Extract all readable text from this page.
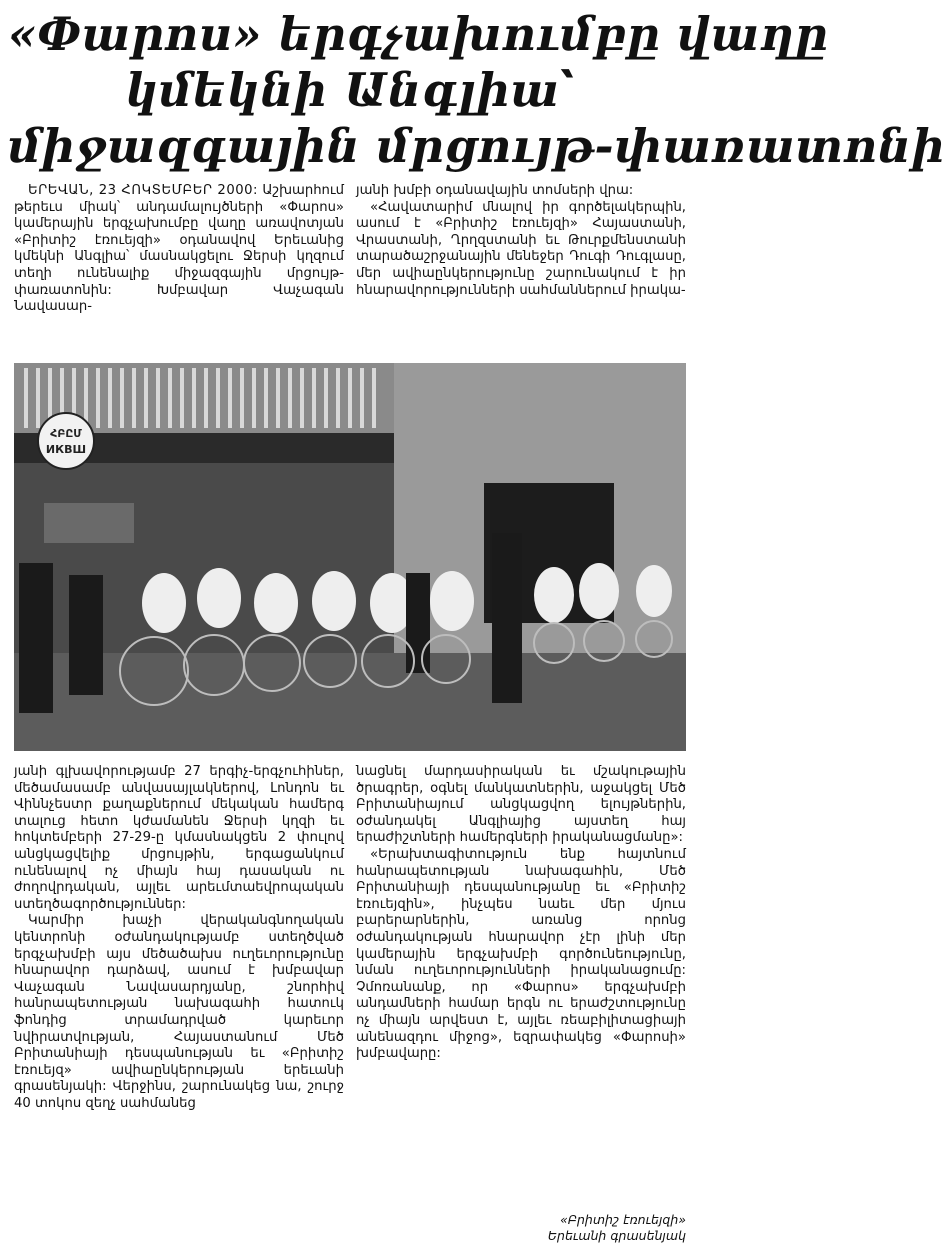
«Փարոս» երգչախումբը վաղը
կմեկնի Անգլիա՝
միջազգային մրցույթ-փառատոնի

ԵՐԵՎԱՆ, 23 ՀՈԿՏԵՄԲԵՐ 2000: Աշխարհում թերեւս միակ՝ անդամալույծների «Փարոս» կամերային երգչախումբը վաղը առավոտյան «Բրիտիշ էռուեյզի» օդանավով Երեւանից կմեկնի Անգլիա՝ մասնակցելու Ջերսի կղզում տեղի ունենալիք միջազգային մրցույթ-փառատոնին: Խմբավար Վաչագան Նավասար-

յանի խմբի օդանավային տոմսերի վրա:

«Հավատարիմ մնալով իր գործելակերպին, ասում է «Բրիտիշ էռուեյզի» Հայաստանի, Վրաստանի, Ղրղզստանի եւ Թուրքմենստանի տարածաշրջանային մենեջեր Դուգի Դուգլասը, մեր ավիաընկերությունը շարունակում է իր հնարավորությունների սահմաններում իրակա-

ՀԲԸՄ
ИКВШ

յանի գլխավորությամբ 27 երգիչ-երգչուհիներ, մեծամասամբ անվասայլակներով, Լոնդոն եւ Վիննչեստր քաղաքներում մեկական համերգ տալուց հետո կժամանեն Ջերսի կղզի եւ հոկտեմբերի 27-29-ը կմասնակցեն 2 փուլով անցկացվելիք մրցույթին, երգացանկում ունենալով ոչ միայն հայ դասական ու ժողովրդական, այլեւ արեւմտաեվրոպական ստեղծագործություններ:

Կարմիր խաչի վերականգնողական կենտրոնի օժանդակությամբ ստեղծված երգչախմբի այս մեծածախս ուղեւորությունը հնարավոր դարձավ, ասում է խմբավար Վաչագան Նավասարդյանը, շնորհիվ հանրապետության նախագահի հատուկ ֆոնդից տրամադրված կարեւոր նվիրատվության, Հայաստանում Մեծ Բրիտանիայի դեսպանության եւ «Բրիտիշ էռուեյզ» ավիաընկերության երեւանի գրասենյակի: Վերջինս, շարունակեց նա, շուրջ 40 տոկոս զեղչ սահմանեց

նացնել մարդասիրական եւ մշակութային ծրագրեր, օգնել մանկատներին, աջակցել Մեծ Բրիտանիայում անցկացվող ելույթներին, օժանդակել Անգլիայից այստեղ հայ երաժիշտների համերգների իրականացմանը»:

«Երախտագիտություն ենք հայտնում հանրապետության նախագահին, Մեծ Բրիտանիայի դեսպանությանը եւ «Բրիտիշ էռուեյզին», ինչպես նաեւ մեր մյուս բարերարներին, առանց որոնց օժանդակության հնարավոր չէր լինի մեր կամերային երգչախմբի գործունեությունը, նման ուղեւորությունների իրականացումը: Չմոռանանք, որ «Փարոս» երգչախմբի անդամների համար երգն ու երաժշտությունը ոչ միայն արվեստ է, այլեւ ռեաբիլիտացիայի անենազդու միջոց», եզրափակեց «Փարոսի» խմբավարը:

«Բրիտիշ էռուեյզի»
Երեւանի գրասենյակ
